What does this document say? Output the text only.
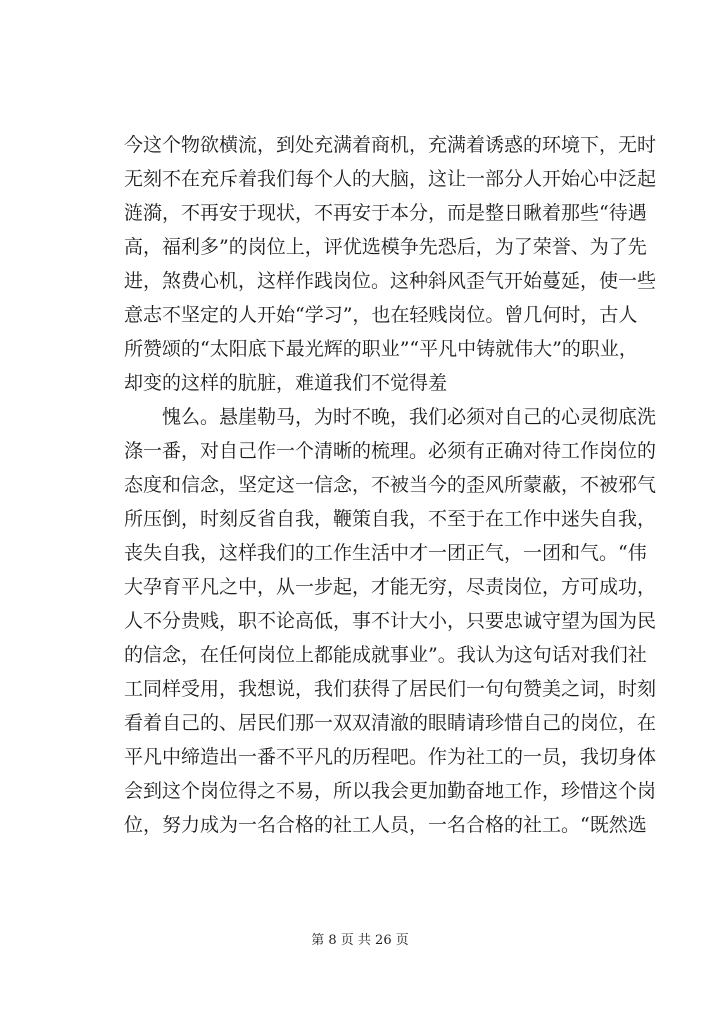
今这个物欲横流，到处充满着商机，充满着诱惑的环境下，无时
无刻不在充斥着我们每个人的大脑，这让一部分人开始心中泛起
涟漪，不再安于现状，不再安于本分，而是整日瞅着那些“待遇
高，福利多”的岗位上，评优选模争先恐后，为了荣誉、为了先
进，煞费心机，这样作践岗位。这种斜风歪气开始蔓延，使一些
意志不坚定的人开始“学习”，也在轻贱岗位。曾几何时，古人
所赞颂的“太阳底下最光辉的职业”“平凡中铸就伟大”的职业，
却变的这样的肮脏，难道我们不觉得羞
愧么。悬崖勒马，为时不晚，我们必须对自己的心灵彻底洗
涤一番，对自己作一个清晰的梳理。必须有正确对待工作岗位的
态度和信念，坚定这一信念，不被当今的歪风所蒙蔽，不被邪气
所压倒，时刻反省自我，鞭策自我，不至于在工作中迷失自我，
丧失自我，这样我们的工作生活中才一团正气，一团和气。“伟
大孕育平凡之中，从一步起，才能无穷，尽责岗位，方可成功，
人不分贵贱，职不论高低，事不计大小，只要忠诚守望为国为民
的信念，在任何岗位上都能成就事业”。我认为这句话对我们社
工同样受用，我想说，我们获得了居民们一句句赞美之词，时刻
看着自己的、居民们那一双双清澈的眼睛请珍惜自己的岗位，在
平凡中缔造出一番不平凡的历程吧。作为社工的一员，我切身体
会到这个岗位得之不易，所以我会更加勤奋地工作，珍惜这个岗
位，努力成为一名合格的社工人员，一名合格的社工。“既然选
第 8 页 共 26 页
